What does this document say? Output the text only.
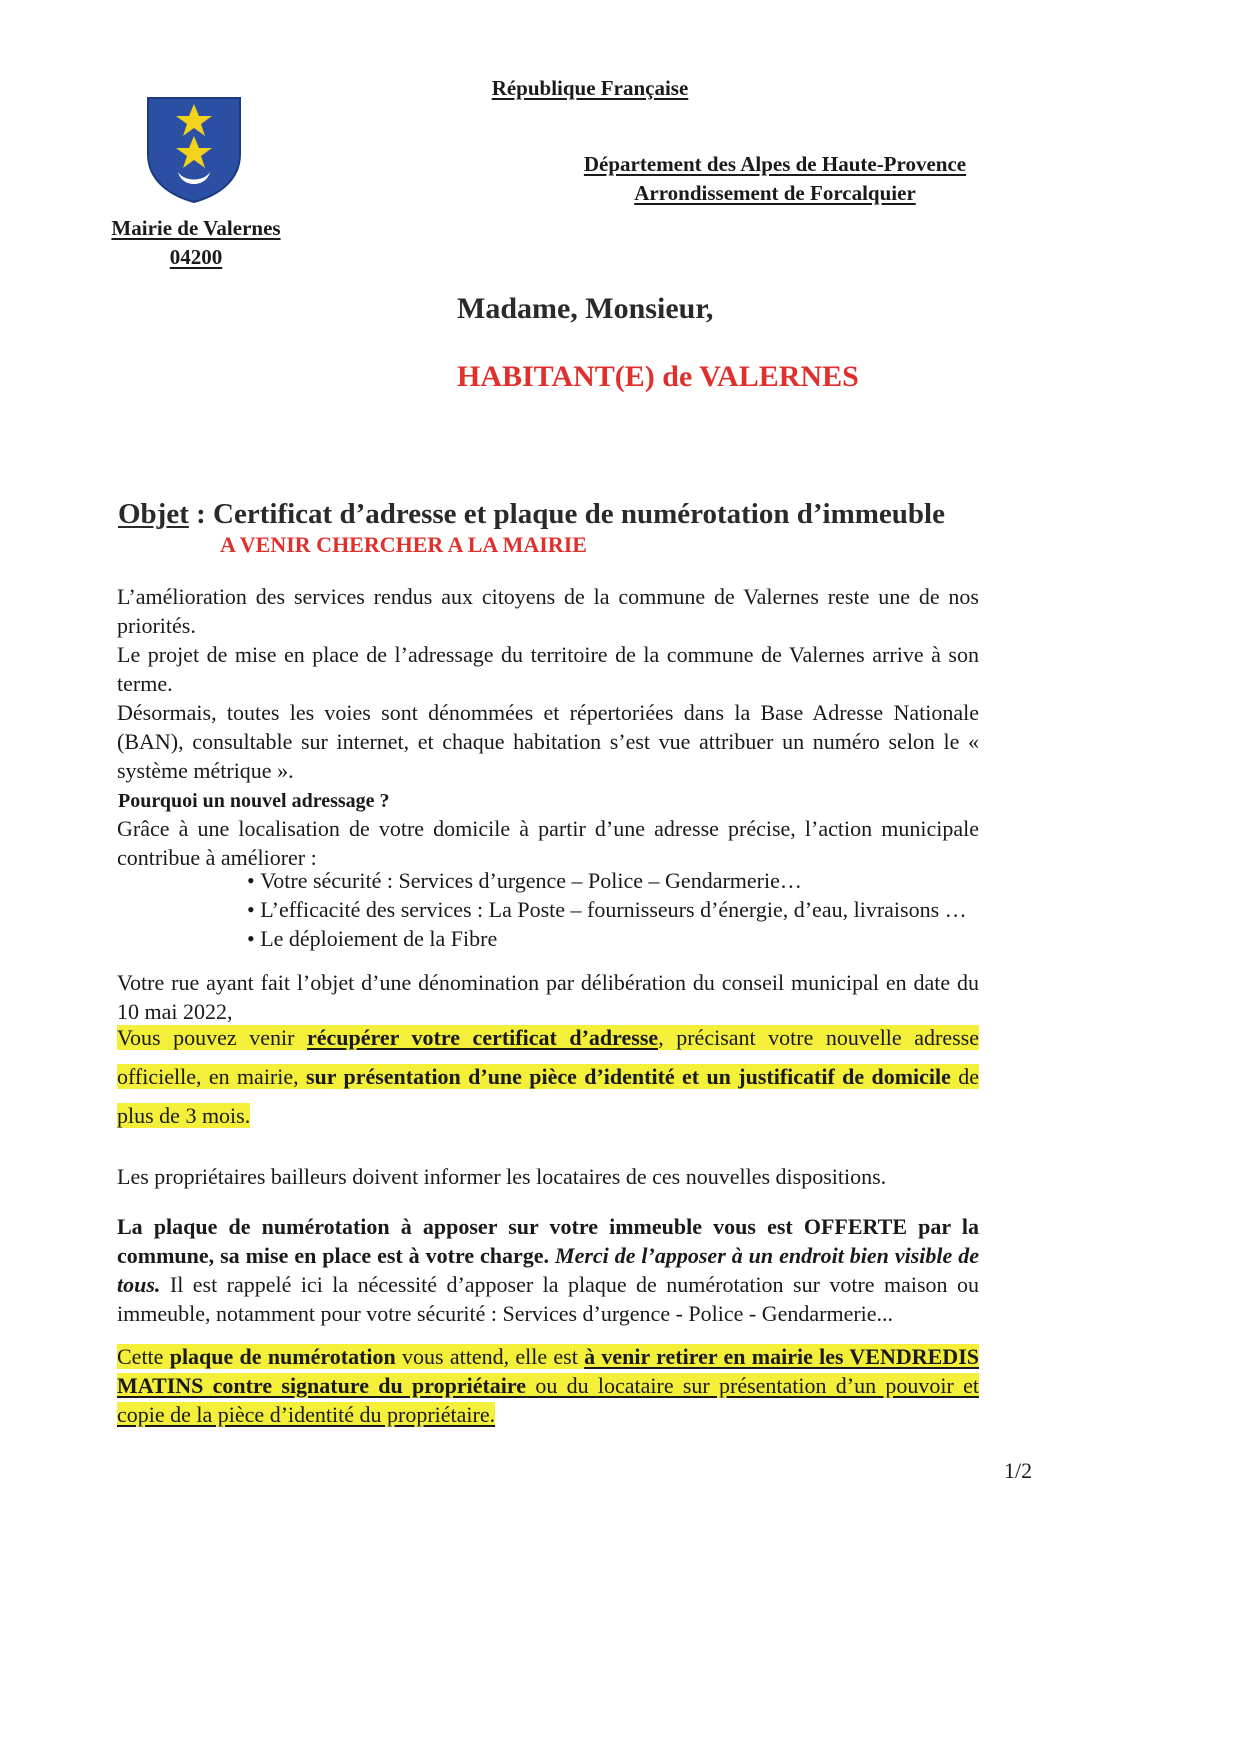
République Française
Département des Alpes de Haute-Provence
Arrondissement de Forcalquier
Mairie de Valernes
04200
Madame, Monsieur,
HABITANT(E) de VALERNES
Objet : Certificat d’adresse et plaque de numérotation d’immeuble
A VENIR CHERCHER A LA MAIRIE
L’amélioration des services rendus aux citoyens de la commune de Valernes reste une de nos priorités.
Le projet de mise en place de l’adressage du territoire de la commune de Valernes arrive à son terme.
Désormais, toutes les voies sont dénommées et répertoriées dans la Base Adresse Nationale (BAN), consultable sur internet, et chaque habitation s’est vue attribuer un numéro selon le « système métrique ».
Pourquoi un nouvel adressage ?
Grâce à une localisation de votre domicile à partir d’une adresse précise, l’action municipale contribue à améliorer :
• Votre sécurité : Services d’urgence – Police – Gendarmerie…
• L’efficacité des services : La Poste – fournisseurs d’énergie, d’eau, livraisons …
• Le déploiement de la Fibre
Votre rue ayant fait l’objet d’une dénomination par délibération du conseil municipal en date du 10 mai 2022,
Vous pouvez venir récupérer votre certificat d’adresse, précisant votre nouvelle adresse officielle, en mairie, sur présentation d’une pièce d’identité et un justificatif de domicile de plus de 3 mois.
Les propriétaires bailleurs doivent informer les locataires de ces nouvelles dispositions.
La plaque de numérotation à apposer sur votre immeuble vous est OFFERTE par la commune, sa mise en place est à votre charge. Merci de l’apposer à un endroit bien visible de tous. Il est rappelé ici la nécessité d’apposer la plaque de numérotation sur votre maison ou immeuble, notamment pour votre sécurité : Services d’urgence - Police - Gendarmerie...
Cette plaque de numérotation vous attend, elle est à venir retirer en mairie les VENDREDIS MATINS contre signature du propriétaire ou du locataire sur présentation d’un pouvoir et copie de la pièce d’identité du propriétaire.
1/2
